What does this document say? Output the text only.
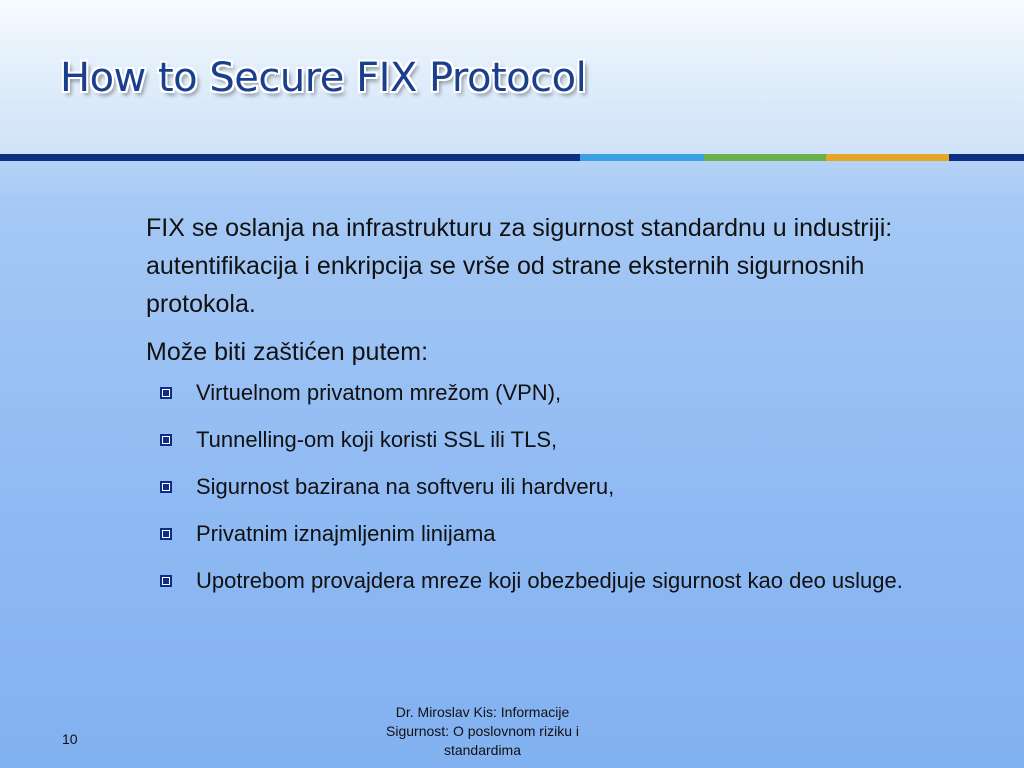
How to Secure FIX Protocol

FIX se oslanja na infrastrukturu za sigurnost standardnu u industriji: autentifikacija i enkripcija se vrše od strane eksternih sigurnosnih protokola.

Može biti zaštićen putem:

Virtuelnom privatnom mrežom (VPN),
Tunnelling-om koji koristi SSL ili TLS,
Sigurnost bazirana na softveru ili hardveru,
Privatnim iznajmljenim linijama
Upotrebom provajdera mreze koji obezbedjuje sigurnost kao deo usluge.
Dr. Miroslav Kis: Informacije Sigurnost: O poslovnom riziku i standardima
10
